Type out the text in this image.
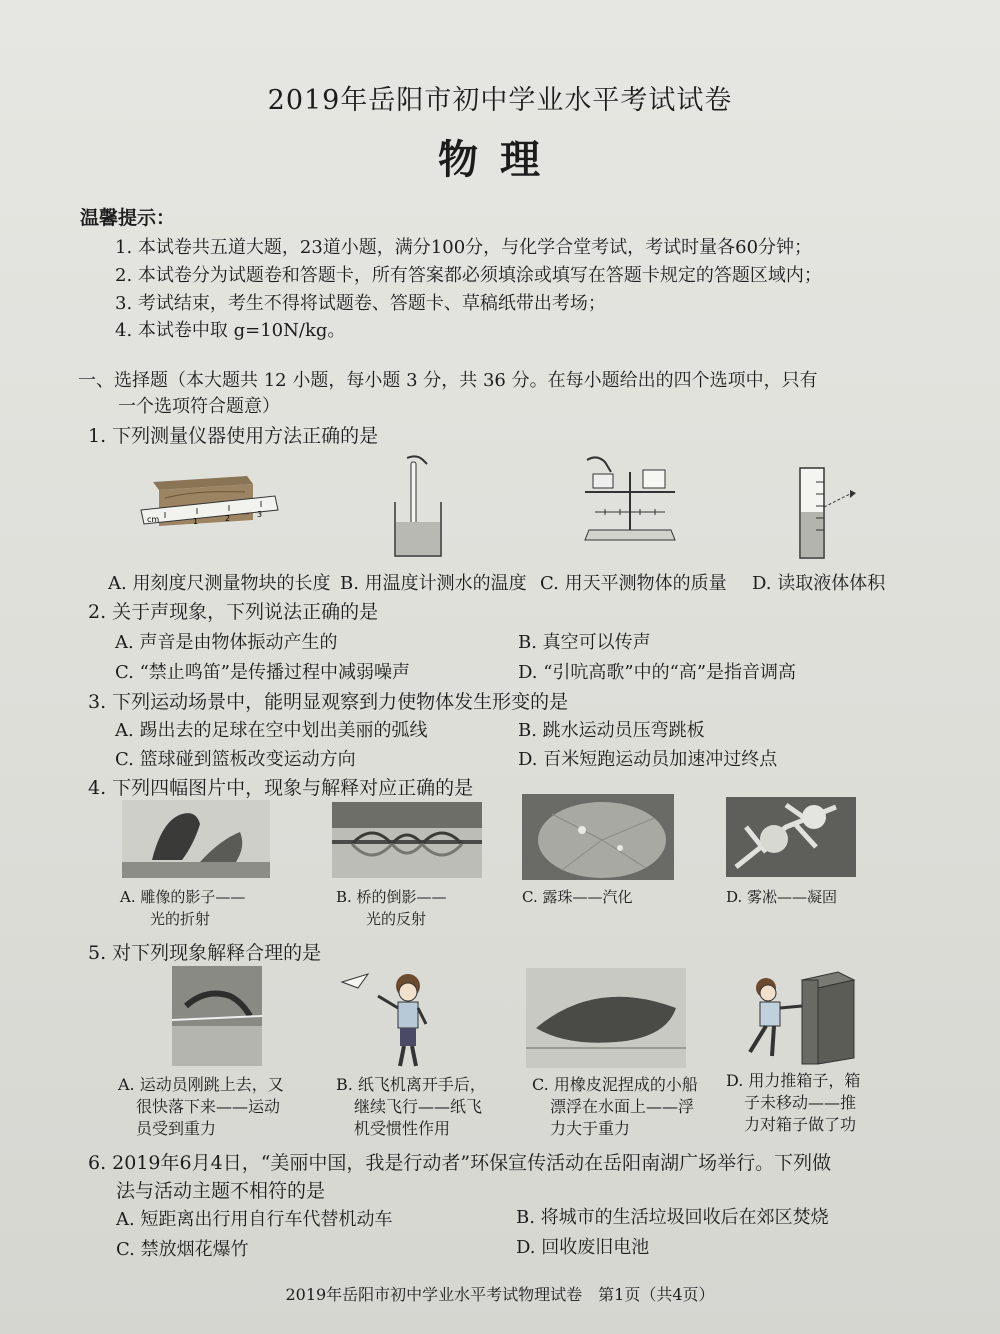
2019年岳阳市初中学业水平考试试卷
物理
温馨提示：
1. 本试卷共五道大题，23道小题，满分100分，与化学合堂考试，考试时量各60分钟；
2. 本试卷分为试题卷和答题卡，所有答案都必须填涂或填写在答题卡规定的答题区域内；
3. 考试结束，考生不得将试题卷、答题卡、草稿纸带出考场；
4. 本试卷中取 g=10N/kg。
一、选择题（本大题共 12 小题，每小题 3 分，共 36 分。在每小题给出的四个选项中，只有
一个选项符合题意）
1. 下列测量仪器使用方法正确的是
cm	1	2	3
A. 用刻度尺测量物块的长度 B. 用温度计测水的温度 C. 用天平测物体的质量 D. 读取液体体积
2. 关于声现象，下列说法正确的是
A. 声音是由物体振动产生的	B. 真空可以传声
C. “禁止鸣笛”是传播过程中减弱噪声	D. “引吭高歌”中的“高”是指音调高
3. 下列运动场景中，能明显观察到力使物体发生形变的是
A. 踢出去的足球在空中划出美丽的弧线	B. 跳水运动员压弯跳板
C. 篮球碰到篮板改变运动方向	D. 百米短跑运动员加速冲过终点
4. 下列四幅图片中，现象与解释对应正确的是
A. 雕像的影子——
光的折射
B. 桥的倒影——
光的反射
C. 露珠——汽化	D. 雾凇——凝固
5. 对下列现象解释合理的是
A. 运动员刚跳上去，又
很快落下来——运动
员受到重力
B. 纸飞机离开手后，
继续飞行——纸飞
机受惯性作用
C. 用橡皮泥捏成的小船
漂浮在水面上——浮
力大于重力
D. 用力推箱子，箱
子未移动——推
力对箱子做了功
6. 2019年6月4日，“美丽中国，我是行动者”环保宣传活动在岳阳南湖广场举行。下列做
法与活动主题不相符的是
A. 短距离出行用自行车代替机动车	B. 将城市的生活垃圾回收后在郊区焚烧
C. 禁放烟花爆竹	D. 回收废旧电池
2019年岳阳市初中学业水平考试物理试卷　第1页（共4页）
